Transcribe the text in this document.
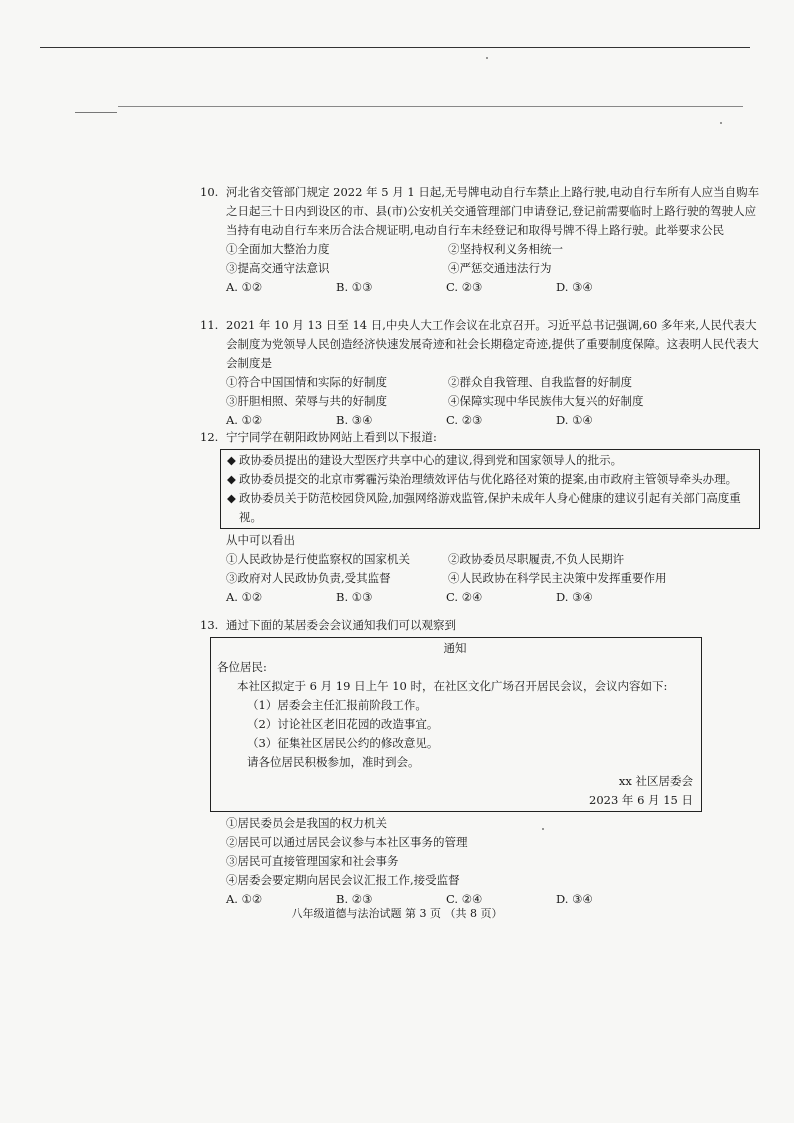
10. 河北省交管部门规定 2022 年 5 月 1 日起,无号牌电动自行车禁止上路行驶,电动自行车所有人应当自购车之日起三十日内到设区的市、县(市)公安机关交通管理部门申请登记,登记前需要临时上路行驶的驾驶人应当持有电动自行车来历合法合规证明,电动自行车未经登记和取得号牌不得上路行驶。此举要求公民
①全面加大整治力度	②坚持权利义务相统一
③提高交通守法意识	④严惩交通违法行为
A. ①②	B. ①③	C. ②③	D. ③④
11. 2021 年 10 月 13 日至 14 日,中央人大工作会议在北京召开。习近平总书记强调,60 多年来,人民代表大会制度为党领导人民创造经济快速发展奇迹和社会长期稳定奇迹,提供了重要制度保障。这表明人民代表大会制度是
①符合中国国情和实际的好制度	②群众自我管理、自我监督的好制度
③肝胆相照、荣辱与共的好制度	④保障实现中华民族伟大复兴的好制度
A. ①②	B. ③④	C. ②③	D. ①④
12. 宁宁同学在朝阳政协网站上看到以下报道:
◆ 政协委员提出的建设大型医疗共享中心的建议,得到党和国家领导人的批示。
◆ 政协委员提交的北京市雾霾污染治理绩效评估与优化路径对策的提案,由市政府主管领导牵头办理。
◆ 政协委员关于防范校园贷风险,加强网络游戏监管,保护未成年人身心健康的建议引起有关部门高度重视。
从中可以看出
①人民政协是行使监察权的国家机关	②政协委员尽职履责,不负人民期许
③政府对人民政协负责,受其监督	④人民政协在科学民主决策中发挥重要作用
A. ①②	B. ①③	C. ②④	D. ③④
13. 通过下面的某居委会会议通知我们可以观察到
通知
各位居民:
本社区拟定于 6 月 19 日上午 10 时，在社区文化广场召开居民会议，会议内容如下:
（1）居委会主任汇报前阶段工作。
（2）讨论社区老旧花园的改造事宜。
（3）征集社区居民公约的修改意见。
请各位居民积极参加，准时到会。
xx 社区居委会
2023 年 6 月 15 日
①居民委员会是我国的权力机关
②居民可以通过居民会议参与本社区事务的管理
③居民可直接管理国家和社会事务
④居委会要定期向居民会议汇报工作,接受监督
A. ①②	B. ②③	C. ②④	D. ③④
八年级道德与法治试题 第 3 页 （共 8 页）
